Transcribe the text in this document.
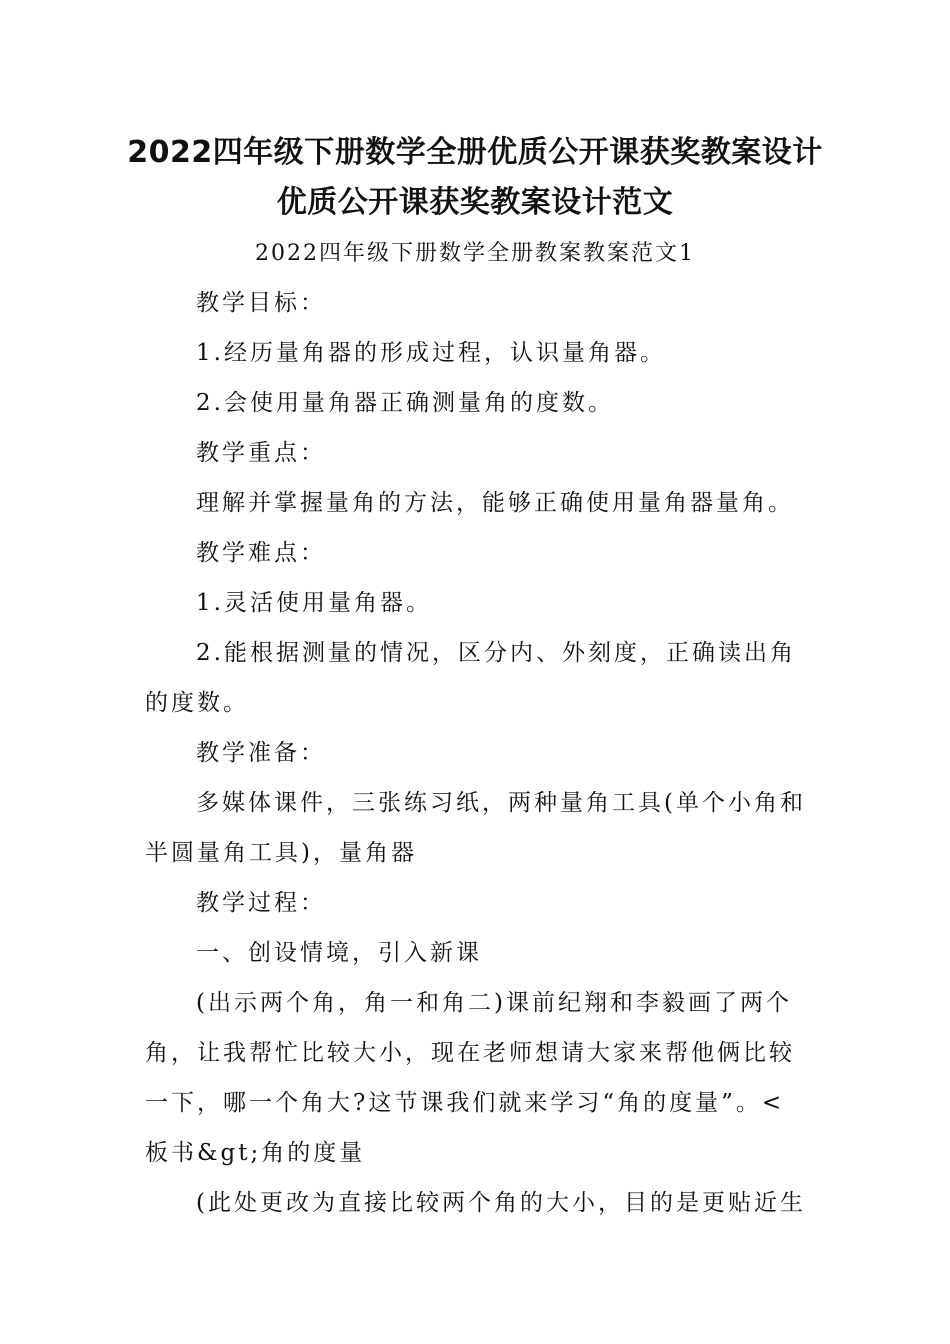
2022四年级下册数学全册优质公开课获奖教案设计
优质公开课获奖教案设计范文
2022四年级下册数学全册教案教案范文1
教学目标：
1.经历量角器的形成过程，认识量角器。
2.会使用量角器正确测量角的度数。
教学重点：
理解并掌握量角的方法，能够正确使用量角器量角。
教学难点：
1.灵活使用量角器。
2.能根据测量的情况，区分内、外刻度，正确读出角
的度数。
教学准备：
多媒体课件，三张练习纸，两种量角工具(单个小角和
半圆量角工具)，量角器
教学过程：
一、创设情境，引入新课
(出示两个角，角一和角二)课前纪翔和李毅画了两个
角，让我帮忙比较大小，现在老师想请大家来帮他俩比较
一下，哪一个角大?这节课我们就来学习“角的度量”。<
板书&gt;角的度量
(此处更改为直接比较两个角的大小，目的是更贴近生
